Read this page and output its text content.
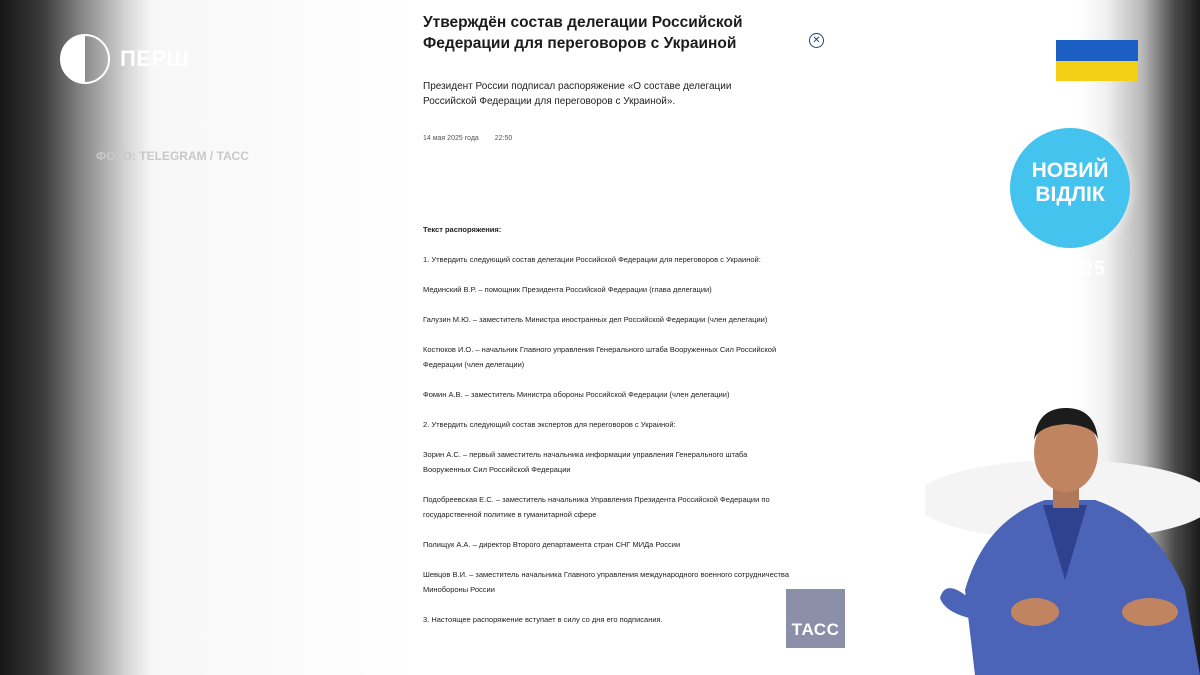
ПЕРШ
ФОТО: TELEGRAM / ТАСС
Утверждён состав делегации Российской Федерации для переговоров с Украиной	✕
Президент России подписал распоряжение «О составе делегации Российской Федерации для переговоров с Украиной».
14 мая 2025 года 22:50

Текст распоряжения:

1. Утвердить следующий состав делегации Российской Федерации для переговоров с Украиной:

Мединский В.Р. – помощник Президента Российской Федерации (глава делегации)

Галузин М.Ю. – заместитель Министра иностранных дел Российской Федерации (член делегации)

Костюков И.О. – начальник Главного управления Генерального штаба Вооруженных Сил Российской Федерации (член делегации)

Фомин А.В. – заместитель Министра обороны Российской Федерации (член делегации)

2. Утвердить следующий состав экспертов для переговоров с Украиной:

Зорин А.С. – первый заместитель начальника информации управления Генерального штаба Вооруженных Сил Российской Федерации

Подобреевская Е.С. – заместитель начальника Управления Президента Российской Федерации по государственной политике в гуманитарной сфере

Полищук А.А. – директор Второго департамента стран СНГ МИДа России

Шевцов В.И. – заместитель начальника Главного управления международного военного сотрудничества Минобороны России

3. Настоящее распоряжение вступает в силу со дня его подписания.

ТАСС
ЄДИНІ НОВИНИ
НОВИЙ
ВІДЛІК
3:59:25
